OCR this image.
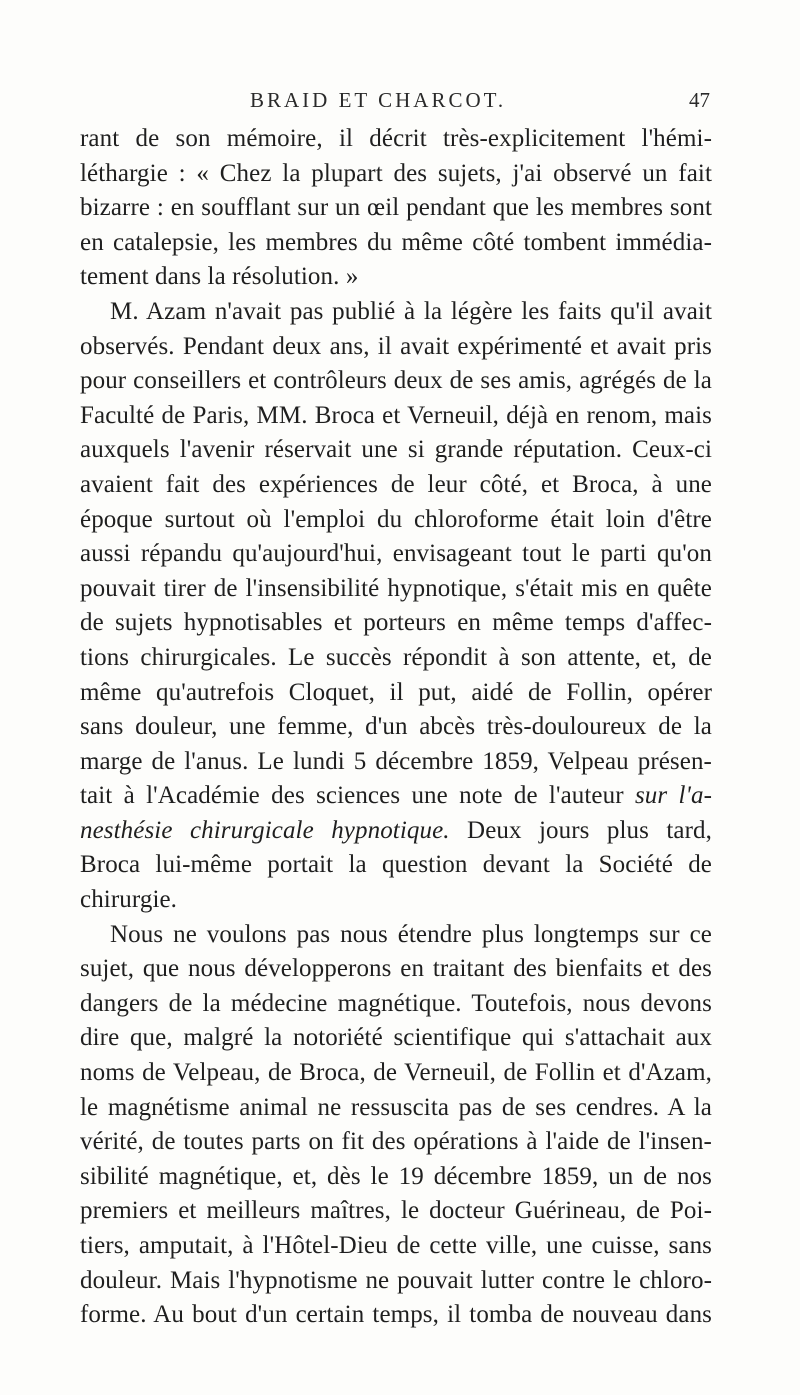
BRAID ET CHARCOT.	47
rant de son mémoire, il décrit très-explicitement l'hémi-
léthargie : « Chez la plupart des sujets, j'ai observé un fait
bizarre : en soufflant sur un œil pendant que les membres sont
en catalepsie, les membres du même côté tombent immédia-
tement dans la résolution. »
M. Azam n'avait pas publié à la légère les faits qu'il avait
observés. Pendant deux ans, il avait expérimenté et avait pris
pour conseillers et contrôleurs deux de ses amis, agrégés de la
Faculté de Paris, MM. Broca et Verneuil, déjà en renom, mais
auxquels l'avenir réservait une si grande réputation. Ceux-ci
avaient fait des expériences de leur côté, et Broca, à une
époque surtout où l'emploi du chloroforme était loin d'être
aussi répandu qu'aujourd'hui, envisageant tout le parti qu'on
pouvait tirer de l'insensibilité hypnotique, s'était mis en quête
de sujets hypnotisables et porteurs en même temps d'affec-
tions chirurgicales. Le succès répondit à son attente, et, de
même qu'autrefois Cloquet, il put, aidé de Follin, opérer
sans douleur, une femme, d'un abcès très-douloureux de la
marge de l'anus. Le lundi 5 décembre 1859, Velpeau présen-
tait à l'Académie des sciences une note de l'auteur sur l'a-
nesthésie chirurgicale hypnotique. Deux jours plus tard,
Broca lui-même portait la question devant la Société de
chirurgie.
Nous ne voulons pas nous étendre plus longtemps sur ce
sujet, que nous développerons en traitant des bienfaits et des
dangers de la médecine magnétique. Toutefois, nous devons
dire que, malgré la notoriété scientifique qui s'attachait aux
noms de Velpeau, de Broca, de Verneuil, de Follin et d'Azam,
le magnétisme animal ne ressuscita pas de ses cendres. A la
vérité, de toutes parts on fit des opérations à l'aide de l'insen-
sibilité magnétique, et, dès le 19 décembre 1859, un de nos
premiers et meilleurs maîtres, le docteur Guérineau, de Poi-
tiers, amputait, à l'Hôtel-Dieu de cette ville, une cuisse, sans
douleur. Mais l'hypnotisme ne pouvait lutter contre le chloro-
forme. Au bout d'un certain temps, il tomba de nouveau dans
